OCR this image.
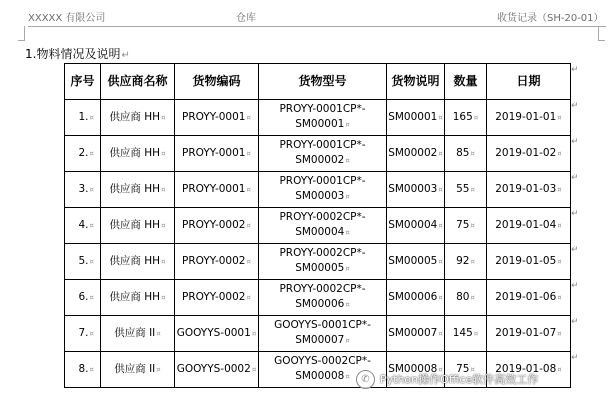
XXXXX 有限公司	仓库	收货记录（SH-20-01）
1.物料情况及说明↵
序号	供应商名称	货物编码	货物型号	货物说明	数量	日期
1.¤	供应商 HH¤	PROYY-0001¤	PROYY-0001CP*-SM00001¤	SM00001¤	165¤	2019-01-01¤
2.¤	供应商 HH¤	PROYY-0001¤	PROYY-0001CP*-SM00002¤	SM00002¤	85¤	2019-01-02¤
3.¤	供应商 HH¤	PROYY-0001¤	PROYY-0001CP*-SM00003¤	SM00003¤	55¤	2019-01-03¤
4.¤	供应商 HH¤	PROYY-0002¤	PROYY-0002CP*-SM00004¤	SM00004¤	75¤	2019-01-04¤
5.¤	供应商 HH¤	PROYY-0002¤	PROYY-0002CP*-SM00005¤	SM00005¤	92¤	2019-01-05¤
6.¤	供应商 HH¤	PROYY-0002¤	PROYY-0002CP*-SM00006¤	SM00006¤	80¤	2019-01-06¤
7.¤	供应商 II¤	GOOYYS-0001¤	GOOYYS-0001CP*-SM00007¤	SM00007¤	145¤	2019-01-07¤
8.¤	供应商 II¤	GOOYYS-0002¤	GOOYYS-0002CP*-SM00008¤	SM00008¤	75¤	2019-01-08¤
✆ Python操作Office软件高效工作
↵
↵
↵
↵
↵
↵
↵
↵
↵
